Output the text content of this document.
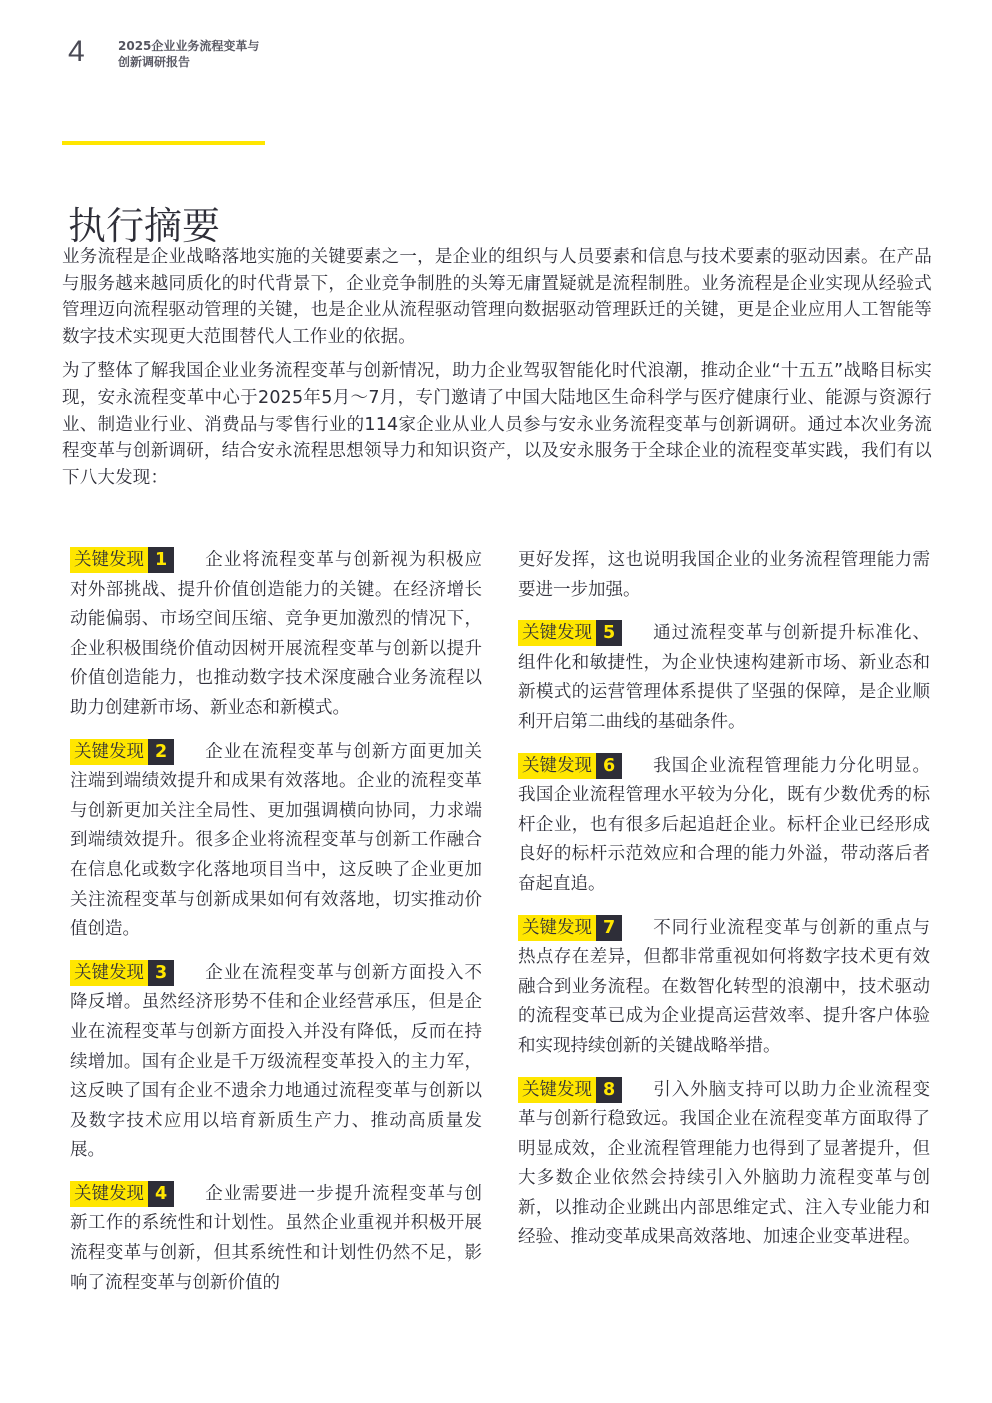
4	2025企业业务流程变革与
创新调研报告
执行摘要

业务流程是企业战略落地实施的关键要素之一，是企业的组织与人员要素和信息与技术要素的驱动因素。在产品与服务越来越同质化的时代背景下，企业竞争制胜的头筹无庸置疑就是流程制胜。业务流程是企业实现从经验式管理迈向流程驱动管理的关键，也是企业从流程驱动管理向数据驱动管理跃迁的关键，更是企业应用人工智能等数字技术实现更大范围替代人工作业的依据。

为了整体了解我国企业业务流程变革与创新情况，助力企业驾驭智能化时代浪潮，推动企业“十五五”战略目标实现，安永流程变革中心于2025年5月～7月，专门邀请了中国大陆地区生命科学与医疗健康行业、能源与资源行业、制造业行业、消费品与零售行业的114家企业从业人员参与安永业务流程变革与创新调研。通过本次业务流程变革与创新调研，结合安永流程思想领导力和知识资产，以及安永服务于全球企业的流程变革实践，我们有以下八大发现：

关键发现 1 企业将流程变革与创新视为积极应对外部挑战、提升价值创造能力的关键。在经济增长动能偏弱、市场空间压缩、竞争更加激烈的情况下，企业积极围绕价值动因树开展流程变革与创新以提升价值创造能力，也推动数字技术深度融合业务流程以助力创建新市场、新业态和新模式。
关键发现 2 企业在流程变革与创新方面更加关注端到端绩效提升和成果有效落地。企业的流程变革与创新更加关注全局性、更加强调横向协同，力求端到端绩效提升。很多企业将流程变革与创新工作融合在信息化或数字化落地项目当中，这反映了企业更加关注流程变革与创新成果如何有效落地，切实推动价值创造。
关键发现 3 企业在流程变革与创新方面投入不降反增。虽然经济形势不佳和企业经营承压，但是企业在流程变革与创新方面投入并没有降低，反而在持续增加。国有企业是千万级流程变革投入的主力军，这反映了国有企业不遗余力地通过流程变革与创新以及数字技术应用以培育新质生产力、推动高质量发展。
关键发现 4 企业需要进一步提升流程变革与创新工作的系统性和计划性。虽然企业重视并积极开展流程变革与创新，但其系统性和计划性仍然不足，影响了流程变革与创新价值的
更好发挥，这也说明我国企业的业务流程管理能力需要进一步加强。
关键发现 5 通过流程变革与创新提升标准化、组件化和敏捷性，为企业快速构建新市场、新业态和新模式的运营管理体系提供了坚强的保障，是企业顺利开启第二曲线的基础条件。
关键发现 6 我国企业流程管理能力分化明显。我国企业流程管理水平较为分化，既有少数优秀的标杆企业，也有很多后起追赶企业。标杆企业已经形成良好的标杆示范效应和合理的能力外溢，带动落后者奋起直追。
关键发现 7 不同行业流程变革与创新的重点与热点存在差异，但都非常重视如何将数字技术更有效融合到业务流程。在数智化转型的浪潮中，技术驱动的流程变革已成为企业提高运营效率、提升客户体验和实现持续创新的关键战略举措。
关键发现 8 引入外脑支持可以助力企业流程变革与创新行稳致远。我国企业在流程变革方面取得了明显成效，企业流程管理能力也得到了显著提升，但大多数企业依然会持续引入外脑助力流程变革与创新，以推动企业跳出内部思维定式、注入专业能力和经验、推动变革成果高效落地、加速企业变革进程。
